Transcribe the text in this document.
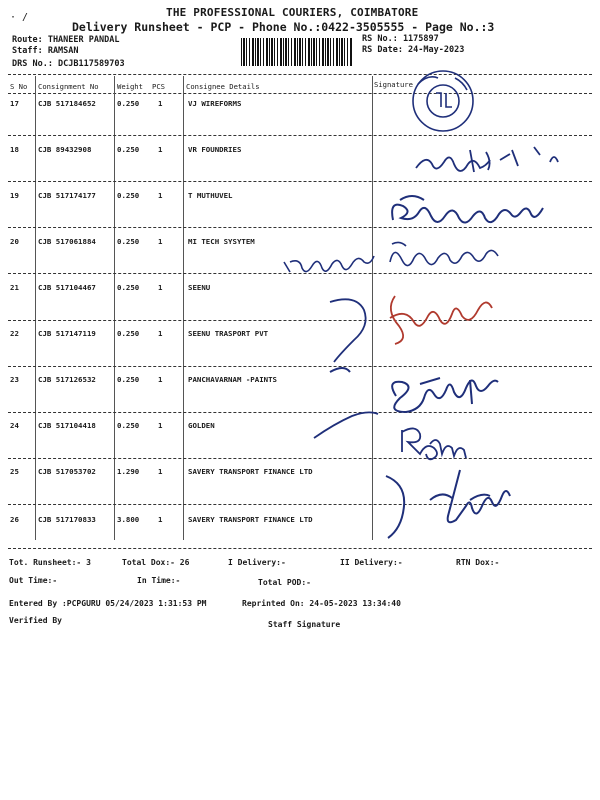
· /	THE PROFESSIONAL COURIERS, COIMBATORE
Delivery Runsheet - PCP - Phone No.:0422-3505555 - Page No.:3
Route: THANEER PANDAL
Staff: RAMSAN
DRS No.: DCJB117589703
RS No.: 1175897
RS Date: 24-May-2023
S No Consignment No	Weight PCS	Consignee Details	Signature
17	CJB 517184652	0.250	1	VJ WIREFORMS
18	CJB 89432908	0.250	1	VR FOUNDRIES
19	CJB 517174177	0.250	1	T MUTHUVEL
20	CJB 517061884	0.250	1	MI TECH SYSYTEM
21	CJB 517104467	0.250	1	SEENU
22	CJB 517147119	0.250	1	SEENU TRASPORT PVT
23	CJB 517126532	0.250	1	PANCHAVARNAM -PAINTS
24	CJB 517104418	0.250	1	GOLDEN
25	CJB 517053702	1.290	1	SAVERY TRANSPORT FINANCE LTD
26	CJB 517170833	3.800	1	SAVERY TRANSPORT FINANCE LTD
Tot. Runsheet:- 3	Total Dox:- 26	I Delivery:-	II Delivery:-	RTN Dox:-
Out Time:-	In Time:-	Total POD:-
Entered By :PCPGURU 05/24/2023 1:31:53 PM	Reprinted On: 24-05-2023 13:34:40
Verified By	Staff Signature
